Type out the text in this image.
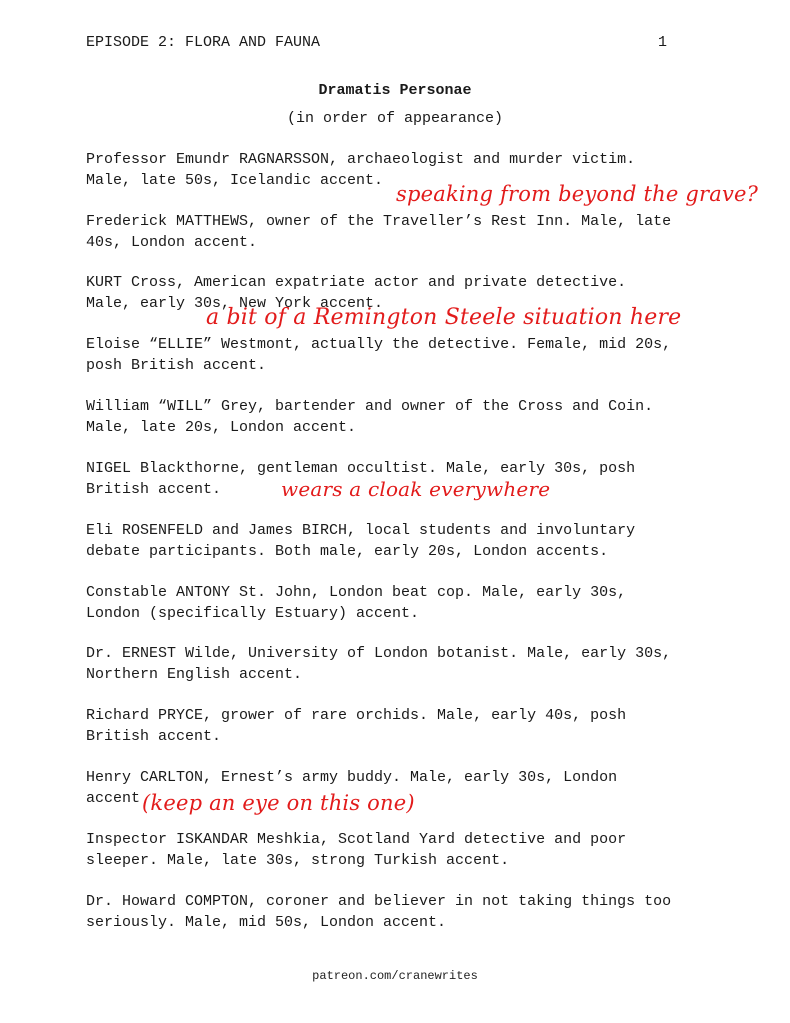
EPISODE 2: FLORA AND FAUNA	1
Dramatis Personae
(in order of appearance)
Professor Emundr RAGNARSSON, archaeologist and murder victim.
Male, late 50s, Icelandic accent.
speaking from beyond the grave?
Frederick MATTHEWS, owner of the Traveller’s Rest Inn. Male, late
40s, London accent.
KURT Cross, American expatriate actor and private detective.
Male, early 30s, New York accent.
a bit of a Remington Steele situation here
Eloise “ELLIE” Westmont, actually the detective. Female, mid 20s,
posh British accent.
William “WILL” Grey, bartender and owner of the Cross and Coin.
Male, late 20s, London accent.
NIGEL Blackthorne, gentleman occultist. Male, early 30s, posh
British accent.	wears a cloak everywhere
Eli ROSENFELD and James BIRCH, local students and involuntary
debate participants. Both male, early 20s, London accents.
Constable ANTONY St. John, London beat cop. Male, early 30s,
London (specifically Estuary) accent.
Dr. ERNEST Wilde, University of London botanist. Male, early 30s,
Northern English accent.
Richard PRYCE, grower of rare orchids. Male, early 40s, posh
British accent.
Henry CARLTON, Ernest’s army buddy. Male, early 30s, London
accent (keep an eye on this one)
Inspector ISKANDAR Meshkia, Scotland Yard detective and poor
sleeper. Male, late 30s, strong Turkish accent.
Dr. Howard COMPTON, coroner and believer in not taking things too
seriously. Male, mid 50s, London accent.
patreon.com/cranewrites
